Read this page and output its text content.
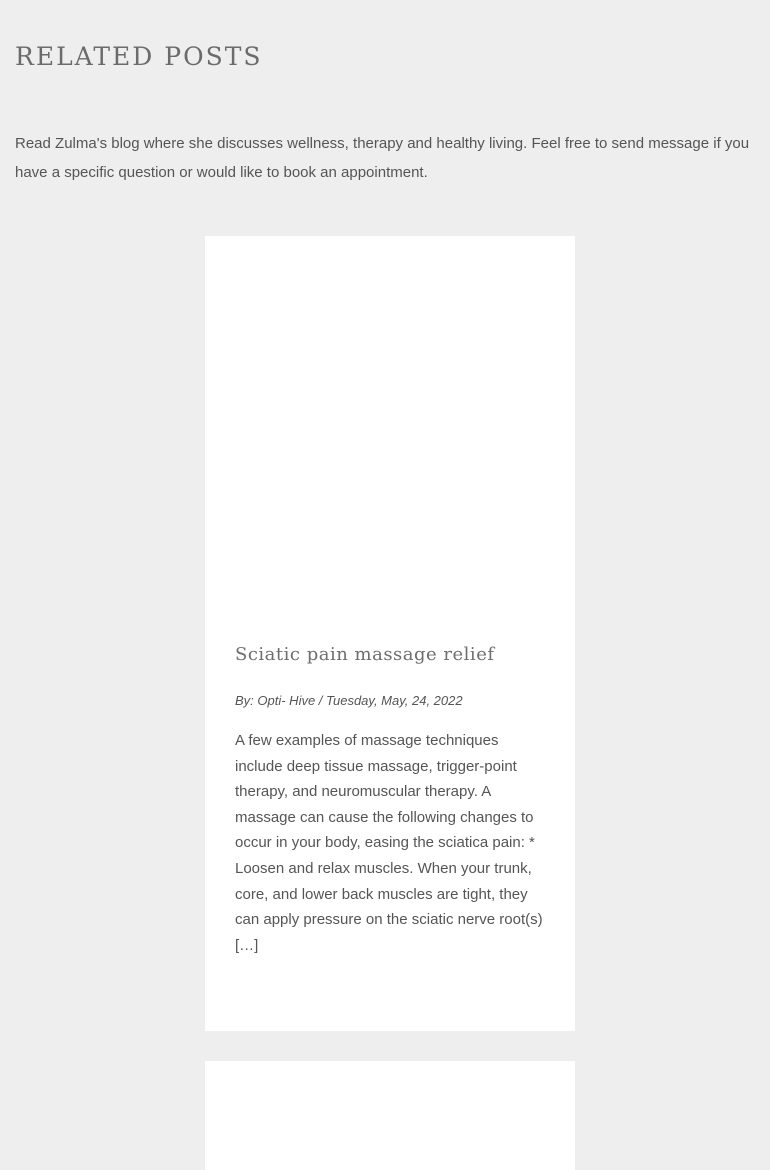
RELATED POSTS

Read Zulma's blog where she discusses wellness, therapy and healthy living. Feel free to send message if you have a specific question or would like to book an appointment.

Sciatic pain massage relief

By: Opti- Hive / Tuesday, May, 24, 2022

A few examples of massage techniques include deep tissue massage, trigger-point therapy, and neuromuscular therapy. A massage can cause the following changes to occur in your body, easing the sciatica pain: * Loosen and relax muscles. When your trunk, core, and lower back muscles are tight, they can apply pressure on the sciatic nerve root(s) […]
